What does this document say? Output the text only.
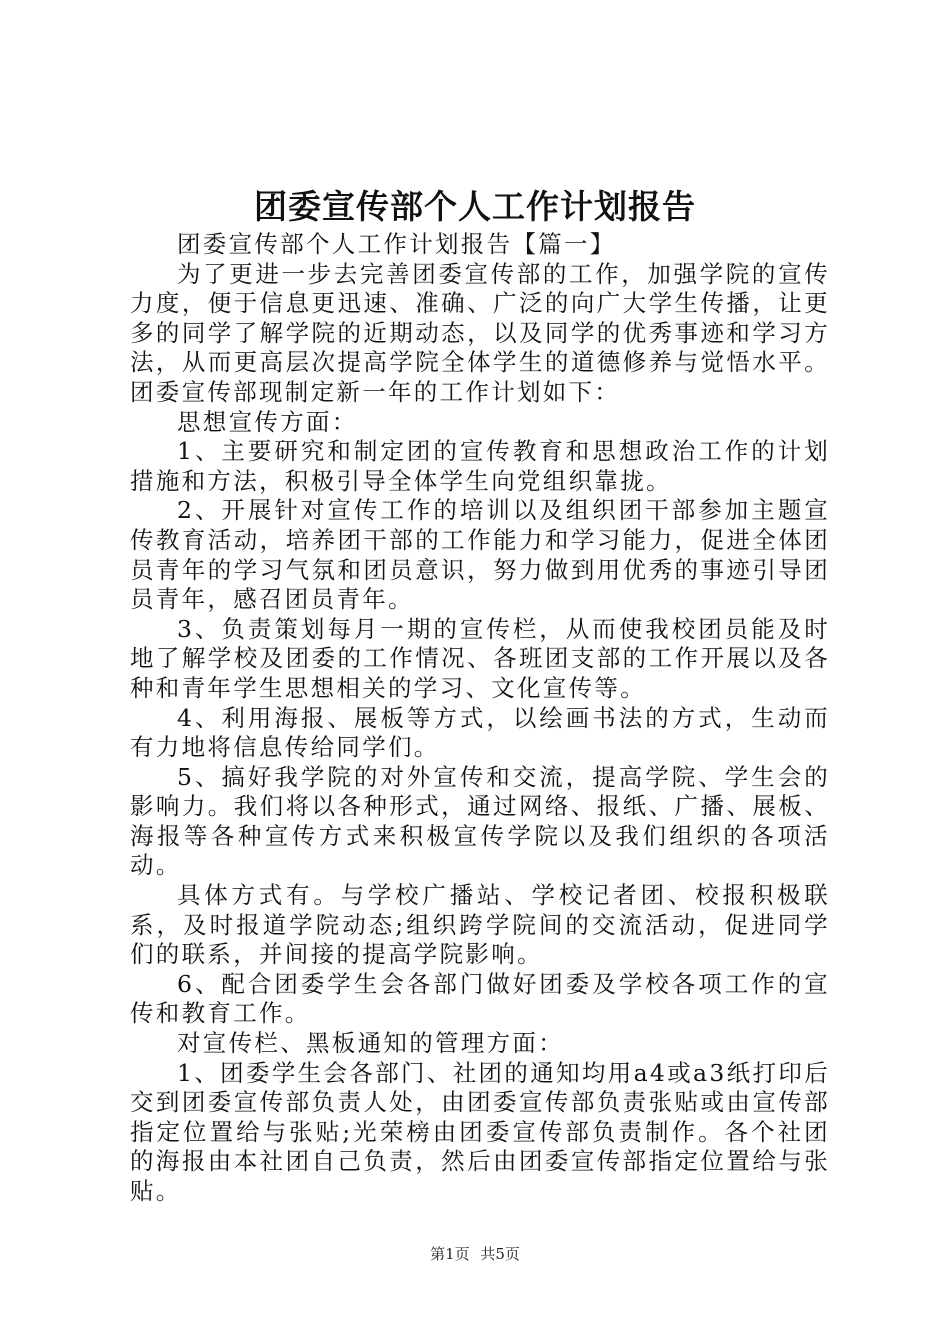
团委宣传部个人工作计划报告

团委宣传部个人工作计划报告【篇一】

为了更进一步去完善团委宣传部的工作，加强学院的宣传力度，便于信息更迅速、准确、广泛的向广大学生传播，让更多的同学了解学院的近期动态，以及同学的优秀事迹和学习方法，从而更高层次提高学院全体学生的道德修养与觉悟水平。团委宣传部现制定新一年的工作计划如下：

思想宣传方面：

1、主要研究和制定团的宣传教育和思想政治工作的计划措施和方法，积极引导全体学生向党组织靠拢。

2、开展针对宣传工作的培训以及组织团干部参加主题宣传教育活动，培养团干部的工作能力和学习能力，促进全体团员青年的学习气氛和团员意识，努力做到用优秀的事迹引导团员青年，感召团员青年。

3、负责策划每月一期的宣传栏，从而使我校团员能及时地了解学校及团委的工作情况、各班团支部的工作开展以及各种和青年学生思想相关的学习、文化宣传等。

4、利用海报、展板等方式，以绘画书法的方式，生动而有力地将信息传给同学们。

5、搞好我学院的对外宣传和交流，提高学院、学生会的影响力。我们将以各种形式，通过网络、报纸、广播、展板、海报等各种宣传方式来积极宣传学院以及我们组织的各项活动。

具体方式有。与学校广播站、学校记者团、校报积极联系，及时报道学院动态;组织跨学院间的交流活动，促进同学们的联系，并间接的提高学院影响。

6、配合团委学生会各部门做好团委及学校各项工作的宣传和教育工作。

对宣传栏、黑板通知的管理方面：

1、团委学生会各部门、社团的通知均用a4或a3纸打印后交到团委宣传部负责人处，由团委宣传部负责张贴或由宣传部指定位置给与张贴;光荣榜由团委宣传部负责制作。各个社团的海报由本社团自己负责，然后由团委宣传部指定位置给与张贴。

第1页 共5页
